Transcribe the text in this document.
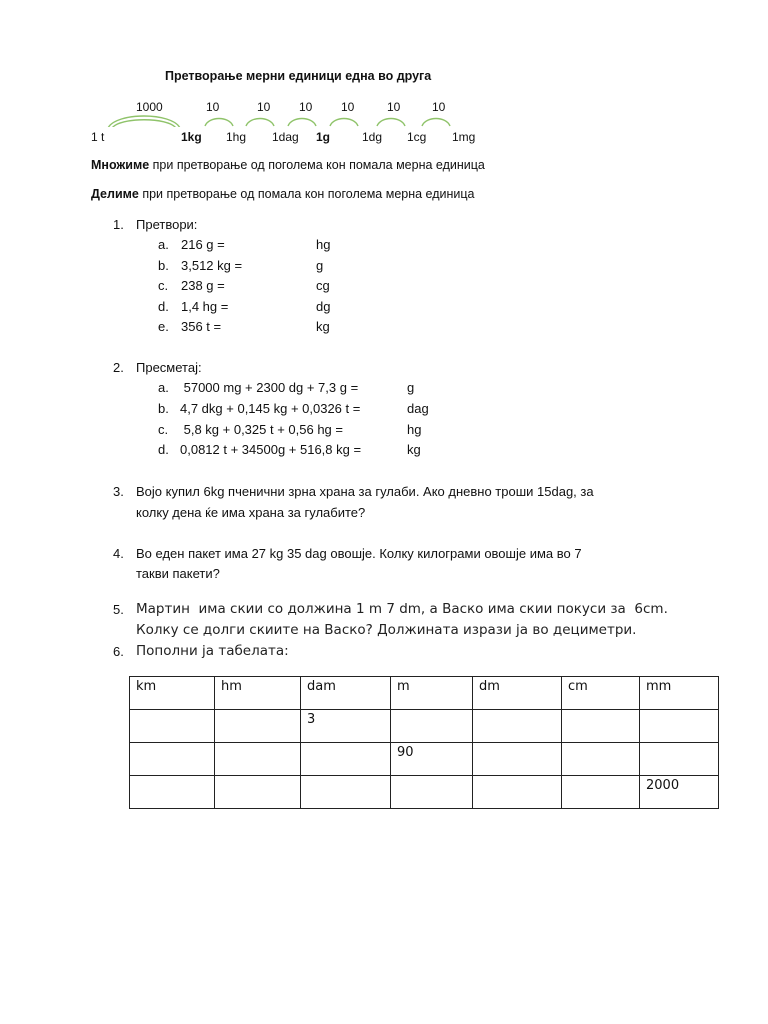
Претворање мерни единици една во друга
1000	10	10 10 10	10	10
1 t	1kg 1hg 1dag 1g	1dg 1cg 1mg
Множиме при претворање од поголема кон помала мерна единица
Делиме при претворање од помала кон поголема мерна единица
1. Претвори:
a. 216 g =	hg
b. 3,512 kg =	g
c. 238 g =	cg
d. 1,4 hg =	dg
e. 356 t =	kg
2. Пресметај:
a. 57000 mg + 2300 dg + 7,3 g =	g
b. 4,7 dkg + 0,145 kg + 0,0326 t =	dag
c. 5,8 kg + 0,325 t + 0,56 hg =	hg
d. 0,0812 t + 34500g + 516,8 kg =	kg
3. Војо купил 6kg пченични зрна храна за гулаби. Ако дневно троши 15dag, за
колку дена ќе има храна за гулабите?
4. Во еден пакет има 27 kg 35 dag овошје. Колку килограми овошје има во 7
такви пакети?
5. Мартин  има скии со должина 1 m 7 dm, а Васко има скии покуси за  6cm.
Колку се долги скиите на Васко? Должината изрази ја во дециметри.
6. Пополни ја табелата:
km	hm	dam	m	dm	cm	mm
		3				
			90			
						2000
